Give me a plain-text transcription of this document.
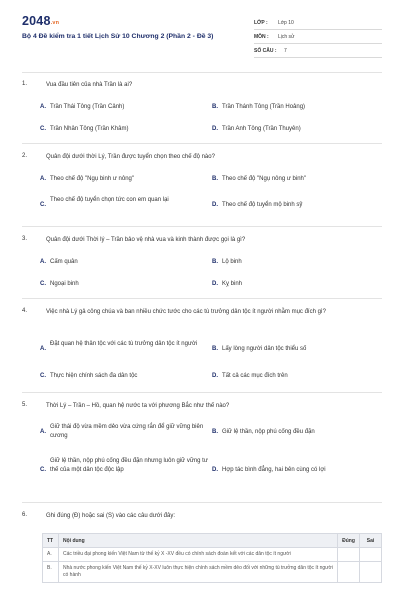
2048.vn
Bộ 4 Đề kiểm tra 1 tiết Lịch Sử 10 Chương 2 (Phần 2 - Đề 3)
LỚP : Lớp 10
MÔN : Lịch sử
SỐ CÂU : 7
1.	Vua đầu tiên của nhà Trần là ai?
A. Trần Thái Tông (Trần Cảnh)	B. Trần Thánh Tông (Trần Hoảng)
C. Trần Nhân Tông (Trần Khâm)	D. Trần Anh Tông (Trần Thuyên)
2.	Quân đội dưới thời Lý, Trần được tuyển chọn theo chế độ nào?
A. Theo chế độ "Ngụ binh ư nông"	B. Theo chế độ "Ngụ nông ư binh"
C.
Theo chế độ tuyển chọn tức con em quan lại
D. Theo chế độ tuyển mộ binh sỹ
3.	Quân đội dưới Thời lý – Trần bảo vệ nhà vua và kinh thành được gọi là gì?
A. Cấm quân	B. Lộ binh
C. Ngoại binh	D. Kỵ binh
4.	Việc nhà Lý gả công chúa và ban nhiều chức tước cho các tù trưởng dân tộc ít người nhằm mục đích gì?
A.
Đặt quan hệ thân tộc với các tù trưởng dân tộc ít người
B. Lấy lòng người dân tộc thiểu số
C. Thực hiện chính sách đa dân tộc	D. Tất cả các mục đích trên
5.	Thời Lý – Trần – Hồ, quan hệ nước ta với phương Bắc như thế nào?
A.
Giữ thái độ vừa mềm dẻo vừa cứng rắn để giữ vững biên cương
B. Giữ lệ thần, nộp phú cống đều đặn
C.
Giữ lệ thần, nộp phú cống đều đặn nhưng luôn giữ vững tư thế của một dân tộc độc lập	D. Hợp tác bình đẳng, hai bên cùng có lợi
6.	Ghi đúng (Đ) hoặc sai (S) vào các câu dưới đây:
TT	Nội dung	Đúng	Sai
A.	Các triều đại phong kiến Việt Nam từ thế kỷ X -XV đều có chính sách đoàn kết với các dân tộc ít người		
B.	Nhà nước phong kiến Việt Nam thế kỷ X-XV luôn thực hiện chính sách mềm dẻo đối với những tù trưởng dân tộc ít người có hành		
